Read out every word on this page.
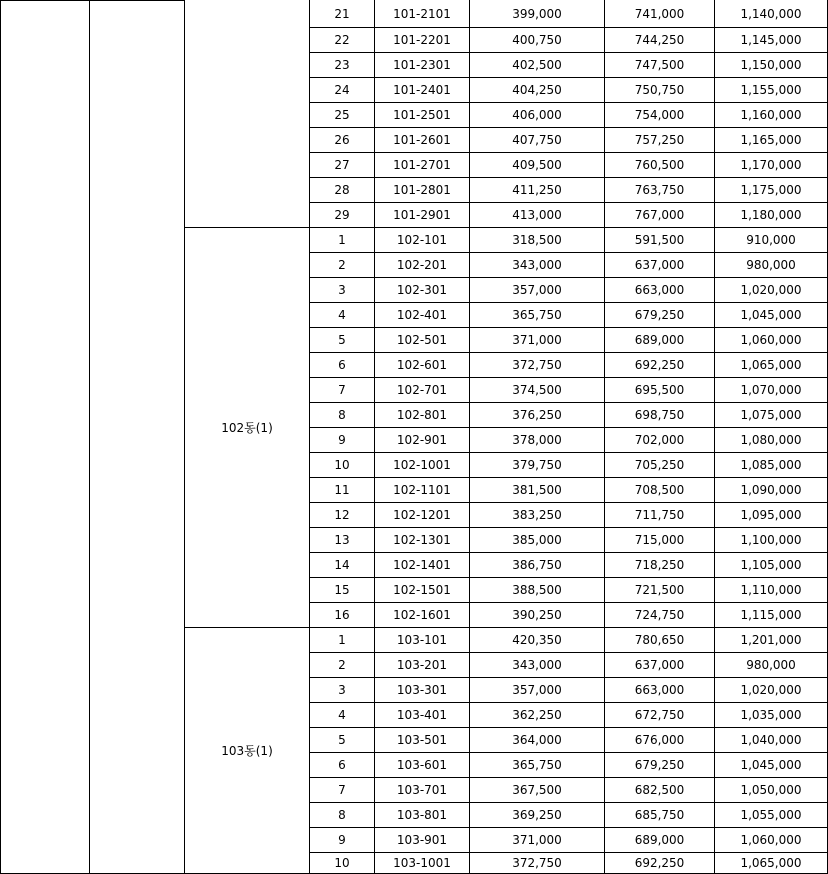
21	101-2101	399,000	741,000	1,140,000
22	101-2201	400,750	744,250	1,145,000
23	101-2301	402,500	747,500	1,150,000
24	101-2401	404,250	750,750	1,155,000
25	101-2501	406,000	754,000	1,160,000
26	101-2601	407,750	757,250	1,165,000
27	101-2701	409,500	760,500	1,170,000
28	101-2801	411,250	763,750	1,175,000
29	101-2901	413,000	767,000	1,180,000
102동(1)
1	102-101	318,500	591,500	910,000
2	102-201	343,000	637,000	980,000
3	102-301	357,000	663,000	1,020,000
4	102-401	365,750	679,250	1,045,000
5	102-501	371,000	689,000	1,060,000
6	102-601	372,750	692,250	1,065,000
7	102-701	374,500	695,500	1,070,000
8	102-801	376,250	698,750	1,075,000
9	102-901	378,000	702,000	1,080,000
10	102-1001	379,750	705,250	1,085,000
11	102-1101	381,500	708,500	1,090,000
12	102-1201	383,250	711,750	1,095,000
13	102-1301	385,000	715,000	1,100,000
14	102-1401	386,750	718,250	1,105,000
15	102-1501	388,500	721,500	1,110,000
16	102-1601	390,250	724,750	1,115,000
103동(1)
1	103-101	420,350	780,650	1,201,000
2	103-201	343,000	637,000	980,000
3	103-301	357,000	663,000	1,020,000
4	103-401	362,250	672,750	1,035,000
5	103-501	364,000	676,000	1,040,000
6	103-601	365,750	679,250	1,045,000
7	103-701	367,500	682,500	1,050,000
8	103-801	369,250	685,750	1,055,000
9	103-901	371,000	689,000	1,060,000
10	103-1001	372,750	692,250	1,065,000
